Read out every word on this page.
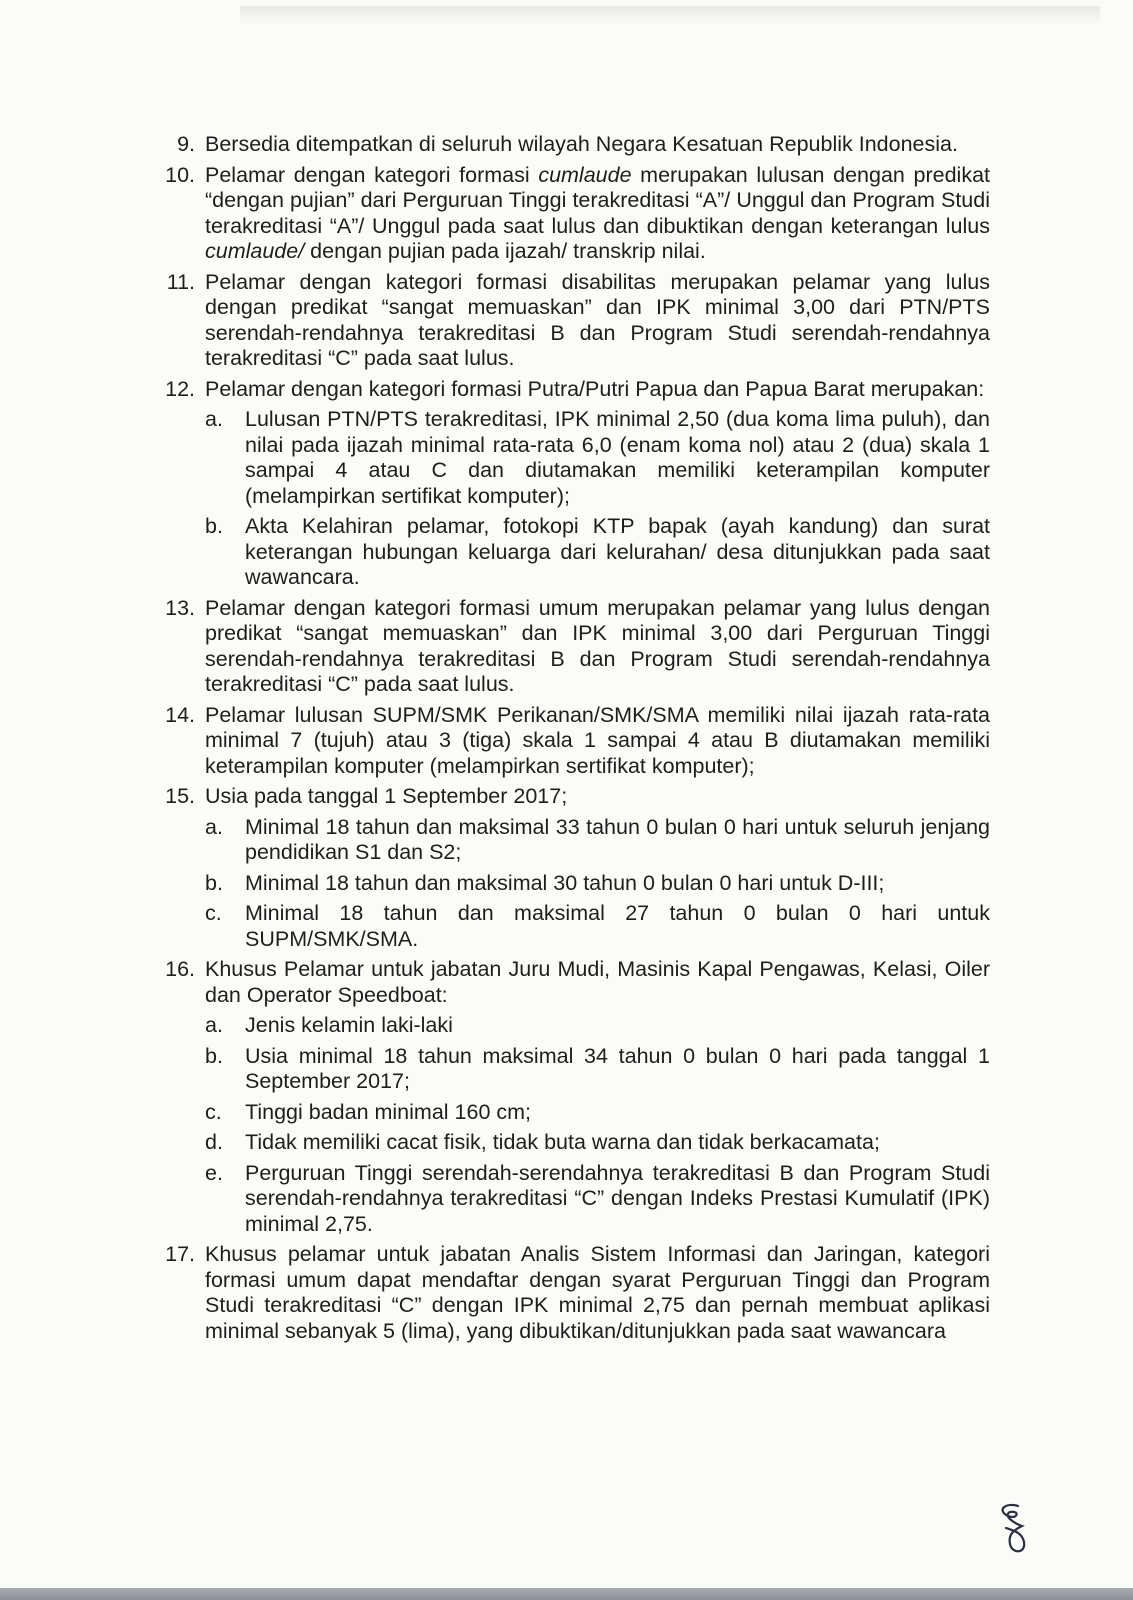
9. Bersedia ditempatkan di seluruh wilayah Negara Kesatuan Republik Indonesia.

10. Pelamar dengan kategori formasi cumlaude merupakan lulusan dengan predikat “dengan pujian” dari Perguruan Tinggi terakreditasi “A”/ Unggul dan Program Studi terakreditasi “A”/ Unggul pada saat lulus dan dibuktikan dengan keterangan lulus cumlaude/ dengan pujian pada ijazah/ transkrip nilai.

11. Pelamar dengan kategori formasi disabilitas merupakan pelamar yang lulus dengan predikat “sangat memuaskan” dan IPK minimal 3,00 dari PTN/PTS serendah-rendahnya terakreditasi B dan Program Studi serendah-rendahnya terakreditasi “C” pada saat lulus.

12. Pelamar dengan kategori formasi Putra/Putri Papua dan Papua Barat merupakan:

a.	Lulusan PTN/PTS terakreditasi, IPK minimal 2,50 (dua koma lima puluh), dan nilai pada ijazah minimal rata-rata 6,0 (enam koma nol) atau 2 (dua) skala 1 sampai 4 atau C dan diutamakan memiliki keterampilan komputer (melampirkan sertifikat komputer);
b.	Akta Kelahiran pelamar, fotokopi KTP bapak (ayah kandung) dan surat keterangan hubungan keluarga dari kelurahan/ desa ditunjukkan pada saat wawancara.
13. Pelamar dengan kategori formasi umum merupakan pelamar yang lulus dengan predikat “sangat memuaskan” dan IPK minimal 3,00 dari Perguruan Tinggi serendah-rendahnya terakreditasi B dan Program Studi serendah-rendahnya terakreditasi “C” pada saat lulus.

14. Pelamar lulusan SUPM/SMK Perikanan/SMK/SMA memiliki nilai ijazah rata-rata minimal 7 (tujuh) atau 3 (tiga) skala 1 sampai 4 atau B diutamakan memiliki keterampilan komputer (melampirkan sertifikat komputer);

15. Usia pada tanggal 1 September 2017;

a.	Minimal 18 tahun dan maksimal 33 tahun 0 bulan 0 hari untuk seluruh jenjang pendidikan S1 dan S2;
b.	Minimal 18 tahun dan maksimal 30 tahun 0 bulan 0 hari untuk D-III;
c.	Minimal 18 tahun dan maksimal 27 tahun 0 bulan 0 hari untuk SUPM/SMK/SMA.
16. Khusus Pelamar untuk jabatan Juru Mudi, Masinis Kapal Pengawas, Kelasi, Oiler dan Operator Speedboat:

a.	Jenis kelamin laki-laki
b.	Usia minimal 18 tahun maksimal 34 tahun 0 bulan 0 hari pada tanggal 1 September 2017;
c.	Tinggi badan minimal 160 cm;
d.	Tidak memiliki cacat fisik, tidak buta warna dan tidak berkacamata;
e.	Perguruan Tinggi serendah-serendahnya terakreditasi B dan Program Studi serendah-rendahnya terakreditasi “C” dengan Indeks Prestasi Kumulatif (IPK) minimal 2,75.
17. Khusus pelamar untuk jabatan Analis Sistem Informasi dan Jaringan, kategori formasi umum dapat mendaftar dengan syarat Perguruan Tinggi dan Program Studi terakreditasi “C” dengan IPK minimal 2,75 dan pernah membuat aplikasi minimal sebanyak 5 (lima), yang dibuktikan/ditunjukkan pada saat wawancara
